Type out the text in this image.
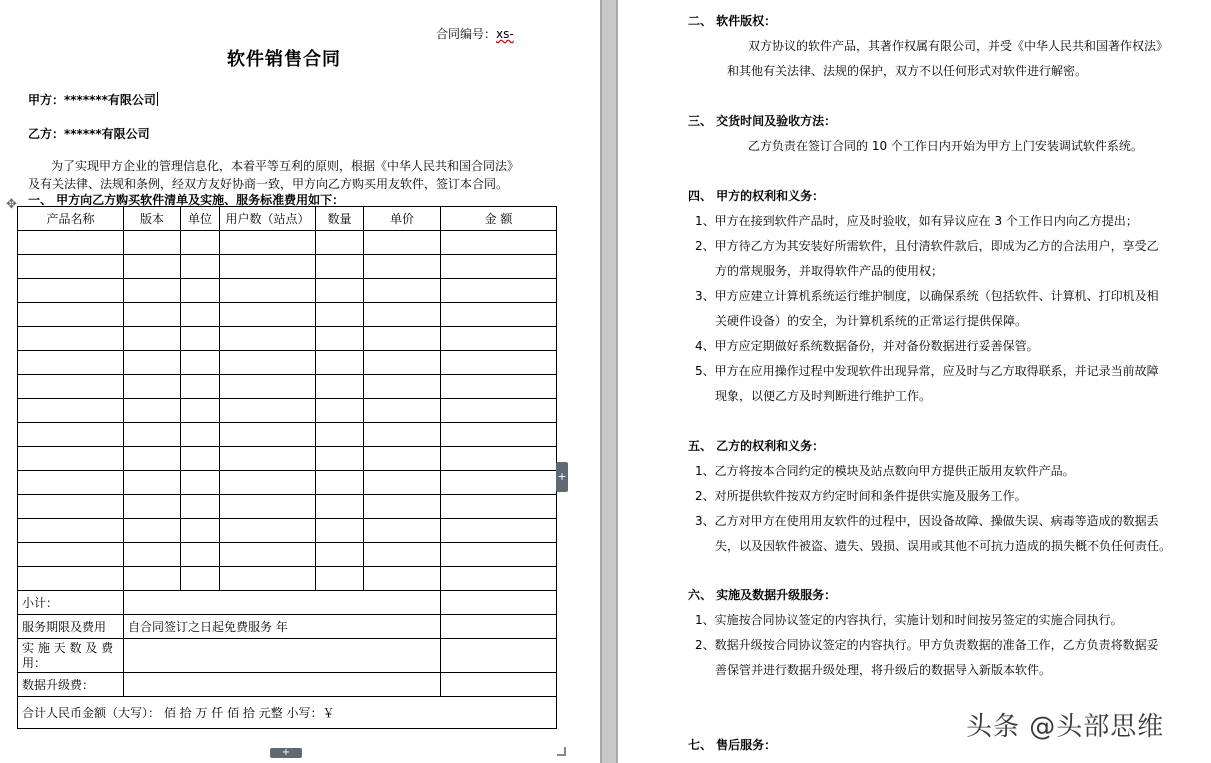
合同编号：xs-
软件销售合同
甲方：*******有限公司
乙方：******有限公司
为了实现甲方企业的管理信息化，本着平等互利的原则，根据《中华人民共和国合同法》
及有关法律、法规和条例，经双方友好协商一致，甲方向乙方购买用友软件，签订本合同。
一、 甲方向乙方购买软件清单及实施、服务标准费用如下：
✥
产品名称	版本	单位	用户数（站点）	数量	单价	金 额

小计：						
服务期限及费用	自合同签订之日起免费服务 年					
实 施 天 数 及 费用：						
数据升级费：						
合计人民币金额（大写）： 佰 拾 万 仟 佰 拾 元整 小写：￥						
+
+
二、 软件版权：
双方协议的软件产品，其著作权属有限公司，并受《中华人民共和国著作权法》
和其他有关法律、法规的保护，双方不以任何形式对软件进行解密。
三、 交货时间及验收方法：
乙方负责在签订合同的 10 个工作日内开始为甲方上门安装调试软件系统。
四、 甲方的权利和义务：
1、甲方在接到软件产品时，应及时验收，如有异议应在 3 个工作日内向乙方提出；
2、甲方待乙方为其安装好所需软件，且付清软件款后，即成为乙方的合法用户，享受乙
方的常规服务，并取得软件产品的使用权；
3、甲方应建立计算机系统运行维护制度，以确保系统（包括软件、计算机、打印机及相
关硬件设备）的安全，为计算机系统的正常运行提供保障。
4、甲方应定期做好系统数据备份，并对备份数据进行妥善保管。
5、甲方在应用操作过程中发现软件出现异常，应及时与乙方取得联系，并记录当前故障
现象，以便乙方及时判断进行维护工作。
五、 乙方的权利和义务：
1、乙方将按本合同约定的模块及站点数向甲方提供正版用友软件产品。
2、对所提供软件按双方约定时间和条件提供实施及服务工作。
3、乙方对甲方在使用用友软件的过程中，因设备故障、操做失误、病毒等造成的数据丢
失，以及因软件被盗、遗失、毁损、误用或其他不可抗力造成的损失概不负任何责任。
六、 实施及数据升级服务：
1、实施按合同协议签定的内容执行，实施计划和时间按另签定的实施合同执行。
2、数据升级按合同协议签定的内容执行。甲方负责数据的准备工作，乙方负责将数据妥
善保管并进行数据升级处理，将升级后的数据导入新版本软件。
七、 售后服务：
头条 @头部思维
